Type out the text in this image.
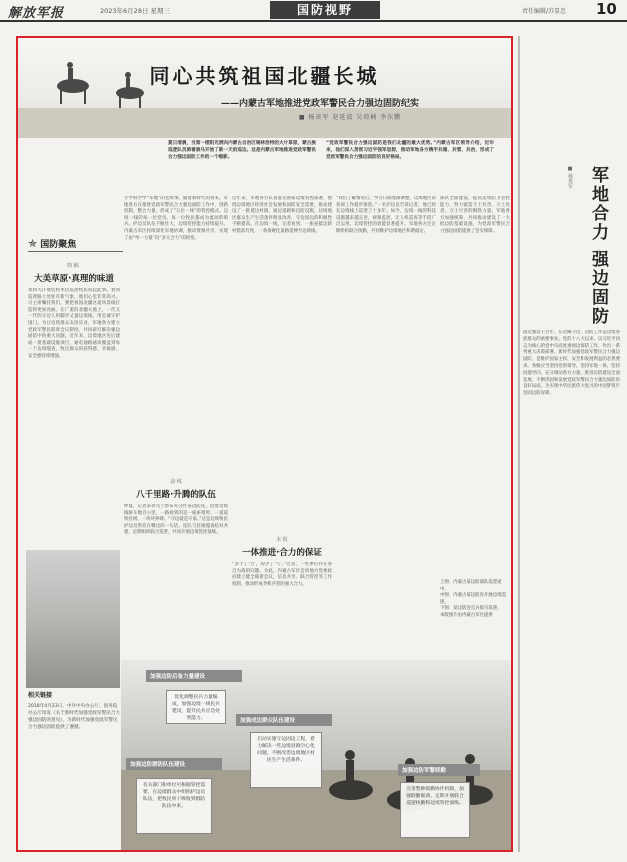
解放军报	2023年6月28日 星期三	国防视野	责任编辑/苏显忠 10
同心共筑祖国北疆长城
——内蒙古军地推进党政军警民合力强边固防纪实
■ 杨贵军 赵延波 吴琼楠 李东鹏
夏日清晨，当第一缕阳光洒向内蒙古自治区锡林浩特的大片草原，蒙古族巡逻队员骑着骏马开始了新一天的巡边。这是内蒙古军地推进党政军警民合力强边固防工作的一个缩影。
“党政军警民合力强边固防是我们北疆的最大优势。”内蒙古军区领导介绍，近年来，他们深入贯彻习近平强军思想，推动军地各方携手共建、共管、共治，形成了党政军警民合力强边固防的良好格局。
✯ 国防聚焦
特 稿
大美草原·真理的味道
我和大汗敖包阿木拉巡逻牧民说起此事。看到巡逻路上处处有新气象，他们心里非常高兴。习主席嘱托我们，要把祖国北疆这道风景线打造得更加亮丽。在广袤的北疆大地上，一代又一代的守边人用脚步丈量边境线，用忠诚守护国门。为让边境群众安居乐业，军地各方建立党政军警民联席会议制度，共同研究解决强边固防中的重大问题。近年来，边境地区先后建成一批基础设施项目，通电通路通讯覆盖到每一个边境嘎查，牧民群众的获得感、幸福感、安全感持续增强。
小学科学学“军地”的老故事。随着新时代的到来，军地各方在推进党政军警民合力强边固防工作中，创新机制，整合力量，形成了“五位一体”的管控模式。边境一线的每一位党员、每一位牧民都成为流动的哨兵。护边员队伍不断壮大，边境管控能力持续提升。内蒙古军区持续深化军地协调，推动资源共享，实现了由“单一力量”向“多元合力”的转变。
前 线
八千里路·升腾的队伍
仲夏，记者采访乌兰察布军分区某边防连，沿着边境线驱车数百公里，一路看到的是一座座哨所、一道道铁丝网、一块块界碑。“守边就是守家。”这是边境牧民护边员常挂在嘴边的一句话。连队与驻地嘎查结对共建，定期组织联合巡逻，共同开展边境管控演练。
近年来，军地各方认真落实国家边境管控部署，围绕边境地区经济社会发展和国防安全需要，推动建设了一批抵边村镇、通边道路和边防设施。边境地区群众生产生活条件明显改善，守边固边的积极性不断提高。在边境一线，记者看到，一座座抵边新村错落有致，一条条硬化道路延伸至边境线。
本 报
一体推进·合力的保证
“多个了‘力’，却少了‘气’。”过去，一些单位存在各自为战的问题。为此，内蒙古军区会同地方党委政府建立健全联席会议、信息共享、联合管控等工作机制，推动形成齐抓共管的强大合力。
“我们了解情况后，学习日期逐渐调整，边境地区的各项工作稳步推进。”一名护边员告诉记者，他已经在边境线上巡逻了十多年。如今，边境一线的科技设施越来越完善，视频监控、无人机巡查等手段广泛运用，边境管控的效能显著提升。军地各方还定期组织联合执勤，共同维护边境地区和谐稳定。
部队全面建设，提高边境防卫管控能力，努力锻造守土有责、守土负责、守土尽责的钢铁力量。军地各方加强统筹，共同推动建设了一大批边防基础设施，为党政军警民合力强边固防提供了坚实保障。
上图：内蒙古某边防部队巡逻途中。
中图：内蒙古某边防连开展边境巡逻。
下图：某边防连官兵骑马巡逻。
本版图片由内蒙古军区提供
相关链接
2018年4月23日，中共中央办公厅、国务院办公厅印发《关于新时代加强党政军警民合力强边固防的意见》，为新时代加强党政军警民合力强边固防提供了遵循。
加强边防后备力量建设
优化调整民兵力量编成，加强边境一线民兵建设，提升民兵应急处突能力。
加强边防群防队伍建设
有关部门和单位可根据管控需要，在边境群众中组织护边员队伍，把牧民骨干吸收到群防队伍中来。
加强成边群众队伍建设
启动实施守边固边工程，着力解决一些边境县镇空心化问题，不断改善边境地区村民生产生活条件。
加强边防军警联勤
完善警种联勤协作机制，加强联勤联训，定期开展联合巡逻执勤和边境管控演练。
军地合力 强边固防
■ 杨贵军
固边强边千百年，在边陲守边，边防工作是边境各族群众的重要事业。党的十八大以来，以习近平同志为核心的党中央高度重视边海防工作，作出一系列重大决策部署。新时代加强党政军警民合力强边固防，是维护国家主权、安全和发展利益的必然要求。各级应当坚持党的领导，坚持军地一体，坚持问题导向，充分调动各方力量，推进边防建设全面发展，不断巩固和发展党政军警民合力强边固防的良好局面，为实现中华民族伟大复兴的中国梦筑牢坚固边防屏障。
